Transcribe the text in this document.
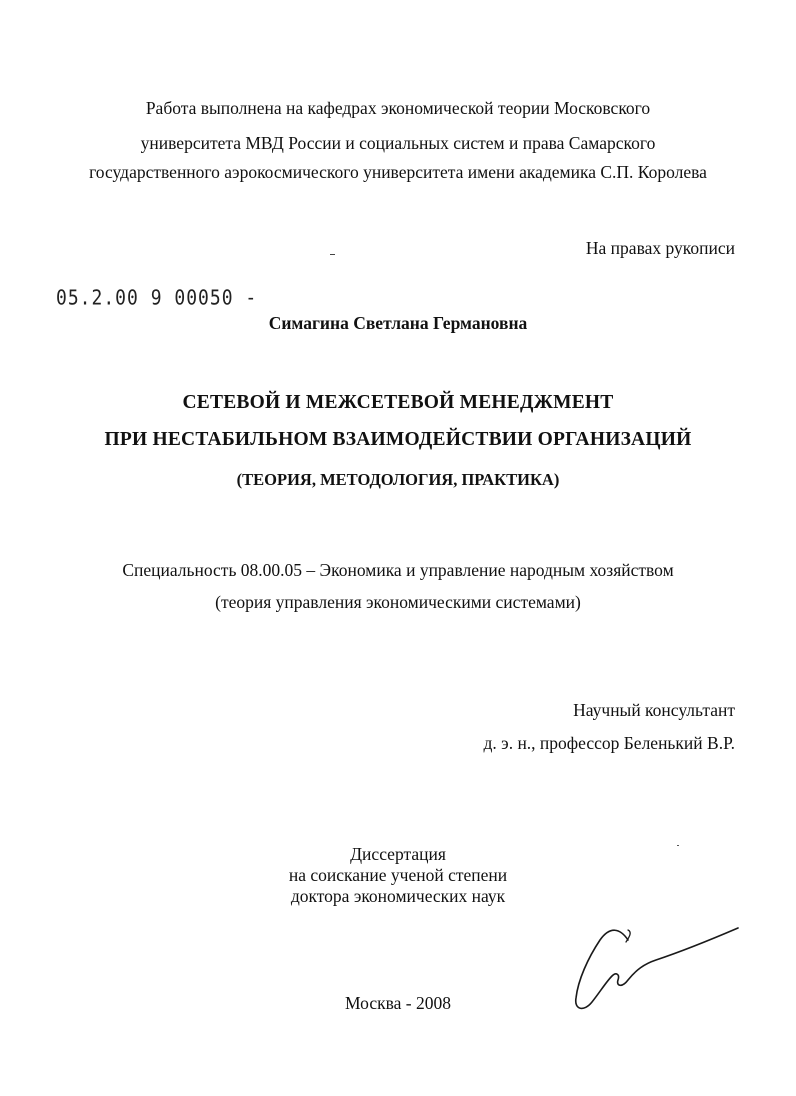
Работа выполнена на кафедрах экономической теории Московского
университета МВД России и социальных систем и права Самарского
государственного аэрокосмического университета имени академика С.П. Королева
На правах рукописи
05.2.00 9 00050 -
Симагина Светлана Германовна
СЕТЕВОЙ И МЕЖСЕТЕВОЙ МЕНЕДЖМЕНТ
ПРИ НЕСТАБИЛЬНОМ ВЗАИМОДЕЙСТВИИ ОРГАНИЗАЦИЙ
(ТЕОРИЯ, МЕТОДОЛОГИЯ, ПРАКТИКА)
Специальность 08.00.05 – Экономика и управление народным хозяйством
(теория управления экономическими системами)
Научный консультант
д. э. н., профессор Беленький В.Р.
Диссертация
на соискание ученой степени
доктора экономических наук
Москва - 2008
